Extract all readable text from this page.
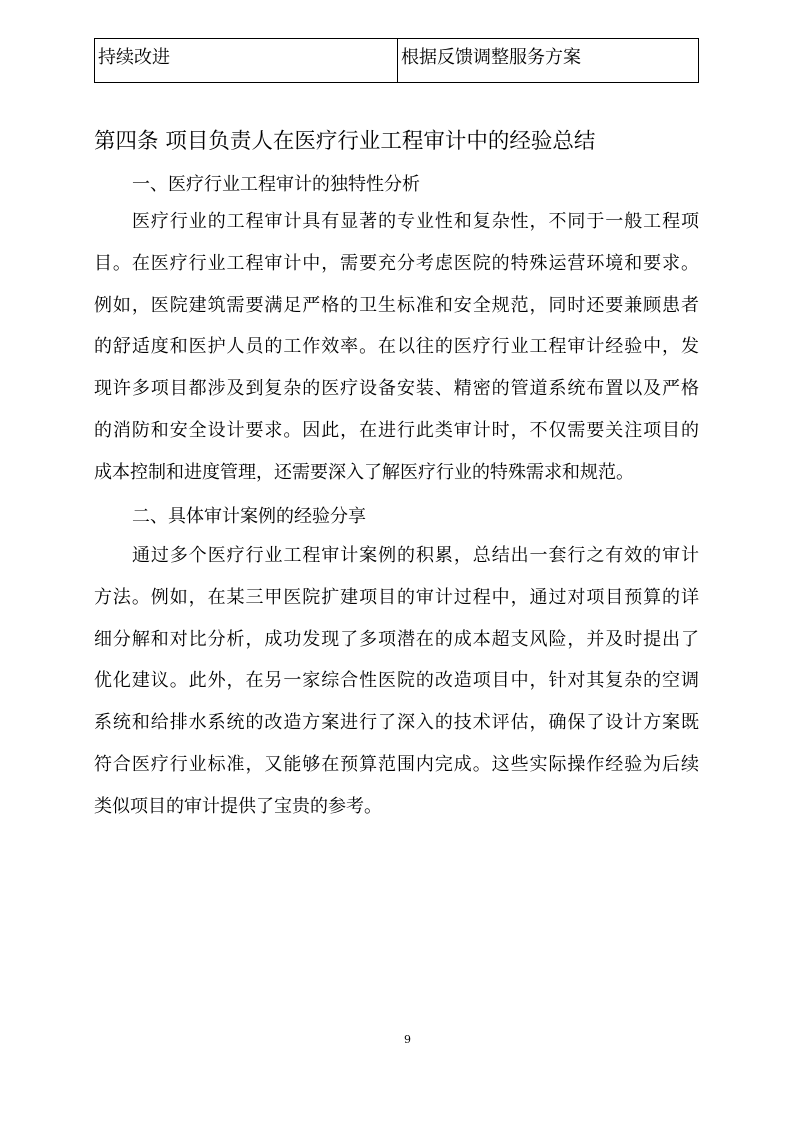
持续改进	根据反馈调整服务方案
第四条 项目负责人在医疗行业工程审计中的经验总结
一、医疗行业工程审计的独特性分析
医疗行业的工程审计具有显著的专业性和复杂性，不同于一般工程项
目。在医疗行业工程审计中，需要充分考虑医院的特殊运营环境和要求。
例如，医院建筑需要满足严格的卫生标准和安全规范，同时还要兼顾患者
的舒适度和医护人员的工作效率。在以往的医疗行业工程审计经验中，发
现许多项目都涉及到复杂的医疗设备安装、精密的管道系统布置以及严格
的消防和安全设计要求。因此，在进行此类审计时，不仅需要关注项目的
成本控制和进度管理，还需要深入了解医疗行业的特殊需求和规范。
二、具体审计案例的经验分享
通过多个医疗行业工程审计案例的积累，总结出一套行之有效的审计
方法。例如，在某三甲医院扩建项目的审计过程中，通过对项目预算的详
细分解和对比分析，成功发现了多项潜在的成本超支风险，并及时提出了
优化建议。此外，在另一家综合性医院的改造项目中，针对其复杂的空调
系统和给排水系统的改造方案进行了深入的技术评估，确保了设计方案既
符合医疗行业标准，又能够在预算范围内完成。这些实际操作经验为后续
类似项目的审计提供了宝贵的参考。
9
